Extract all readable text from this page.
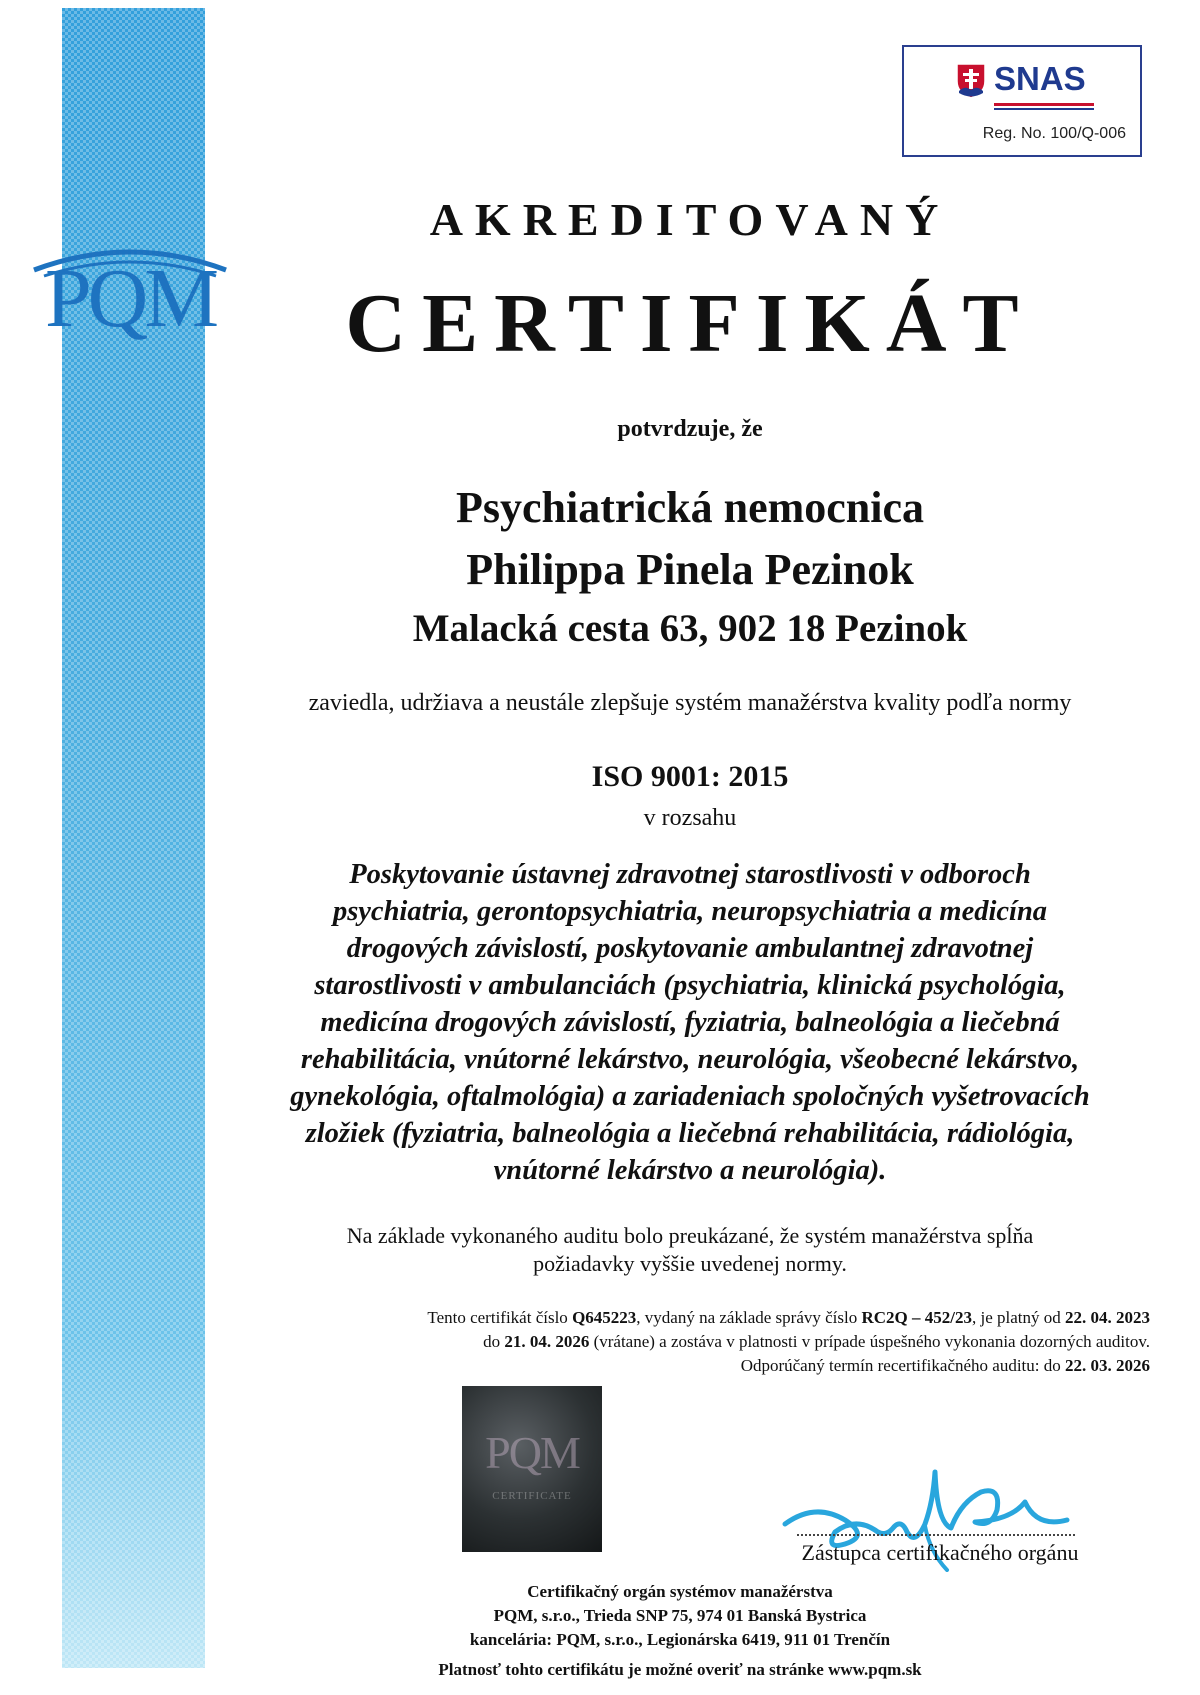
PQM
SNAS
Reg. No. 100/Q-006
AKREDITOVANÝ
CERTIFIKÁT
potvrdzuje, že
Psychiatrická nemocnica
Philippa Pinela Pezinok
Malacká cesta 63, 902 18 Pezinok
zaviedla, udržiava a neustále zlepšuje systém manažérstva kvality podľa normy
ISO 9001: 2015
v rozsahu
Poskytovanie ústavnej zdravotnej starostlivosti v odboroch
psychiatria, gerontopsychiatria, neuropsychiatria a medicína
drogových závislostí, poskytovanie ambulantnej zdravotnej
starostlivosti v ambulanciách (psychiatria, klinická psychológia,
medicína drogových závislostí, fyziatria, balneológia a liečebná
rehabilitácia, vnútorné lekárstvo, neurológia, všeobecné lekárstvo,
gynekológia, oftalmológia) a zariadeniach spoločných vyšetrovacích
zložiek (fyziatria, balneológia a liečebná rehabilitácia, rádiológia,
vnútorné lekárstvo a neurológia).
Na základe vykonaného auditu bolo preukázané, že systém manažérstva spĺňa
požiadavky vyššie uvedenej normy.
Tento certifikát číslo Q645223, vydaný na základe správy číslo RC2Q – 452/23, je platný od 22. 04. 2023
do 21. 04. 2026 (vrátane) a zostáva v platnosti v prípade úspešného vykonania dozorných auditov.
Odporúčaný termín recertifikačného auditu: do 22. 03. 2026
PQM
CERTIFICATE
Zástupca certifikačného orgánu
Certifikačný orgán systémov manažérstva
PQM, s.r.o., Trieda SNP 75, 974 01 Banská Bystrica
kancelária: PQM, s.r.o., Legionárska 6419, 911 01 Trenčín
Platnosť tohto certifikátu je možné overiť na stránke www.pqm.sk
